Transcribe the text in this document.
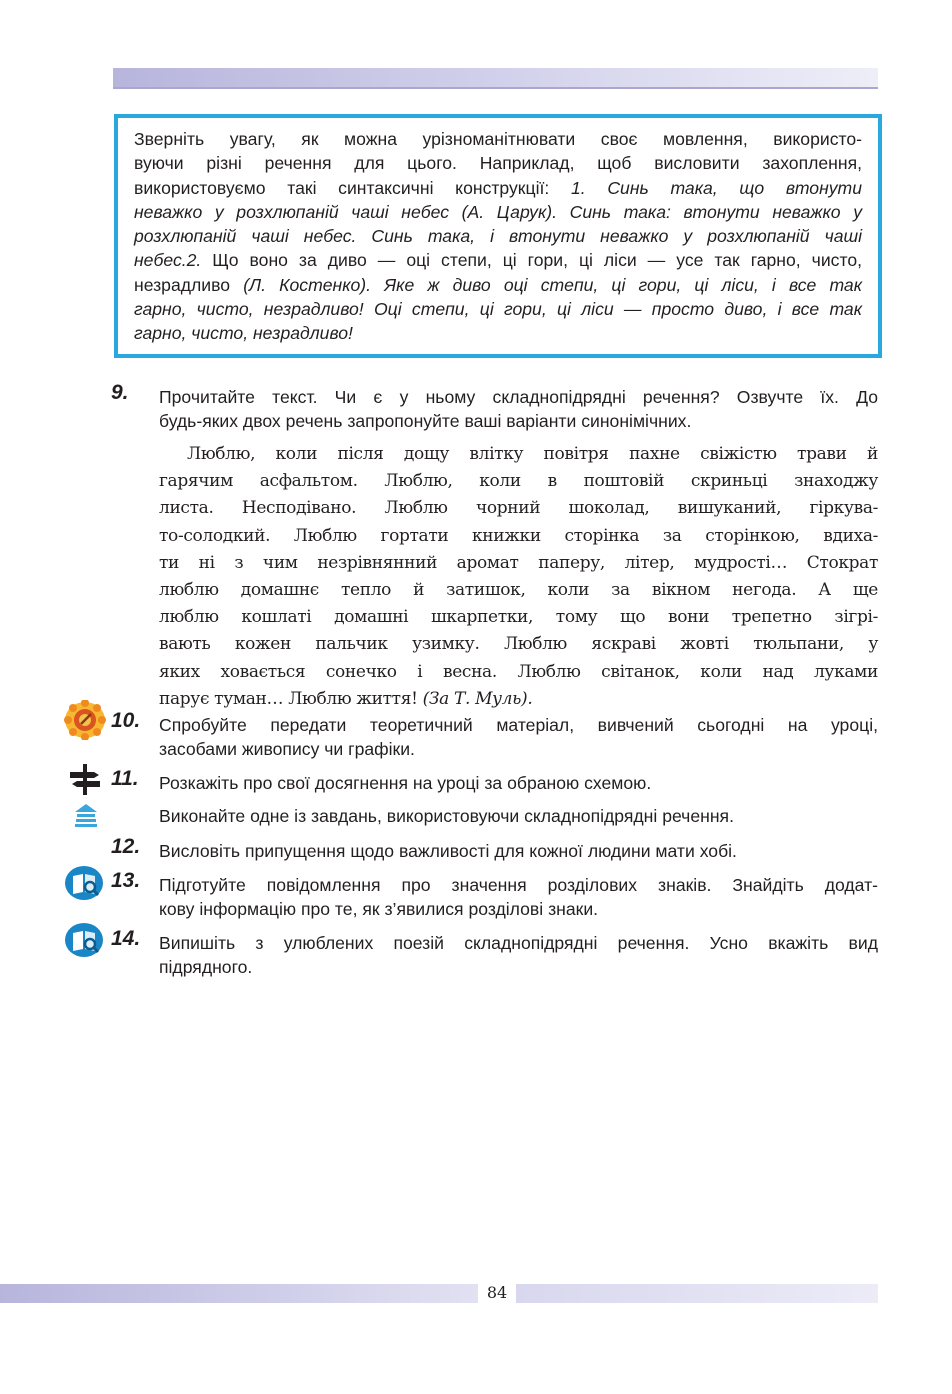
Зверніть увагу, як можна урізноманітнювати своє мовлення, використо-
вуючи різні речення для цього. Наприклад, щоб висловити захоплення,
використовуємо такі синтаксичні конструкції: 1. Синь така, що втонути
неважко у розхлюпаній чаші небес (А. Царук). Синь така: втонути неважко у
розхлюпаній чаші небес. Синь така, і втонути неважко у розхлюпаній чаші
небес.2. Що воно за диво — оці степи, ці гори, ці ліси — усе так гарно, чисто,
незрадливо (Л. Костенко). Яке ж диво оці степи, ці гори, ці ліси, і все так
гарно, чисто, незрадливо! Оці степи, ці гори, ці ліси — просто диво, і все так
гарно, чисто, незрадливо!
9. Прочитайте текст. Чи є у ньому складнопідрядні речення? Озвучте їх. До
будь-яких двох речень запропонуйте ваші варіанти синонімічних.
Люблю, коли після дощу влітку повітря пахне свіжістю трави й
гарячим асфальтом. Люблю, коли в поштовій скриньці знаходжу
листа. Несподівано. Люблю чорний шоколад, вишуканий, гіркува-
то-солодкий. Люблю гортати книжки сторінка за сторінкою, вдиха-
ти ні з чим незрівнянний аромат паперу, літер, мудрості… Стократ
люблю домашнє тепло й затишок, коли за вікном негода. А ще
люблю кошлаті домашні шкарпетки, тому що вони трепетно зігрі-
вають кожен пальчик узимку. Люблю яскраві жовті тюльпани, у
яких ховається сонечко і весна. Люблю світанок, коли над луками
парує туман… Люблю життя! (За Т. Муль).
10. Спробуйте передати теоретичний матеріал, вивчений сьогодні на уроці,
засобами живопису чи графіки.
11. Розкажіть про свої досягнення на уроці за обраною схемою.
Виконайте одне із завдань, використовуючи складнопідрядні речення.
12. Висловіть припущення щодо важливості для кожної людини мати хобі.
13. Підготуйте повідомлення про значення розділових знаків. Знайдіть додат-
кову інформацію про те, як з’явилися розділові знаки.
14. Випишіть з улюблених поезій складнопідрядні речення. Усно вкажіть вид
підрядного.
84
